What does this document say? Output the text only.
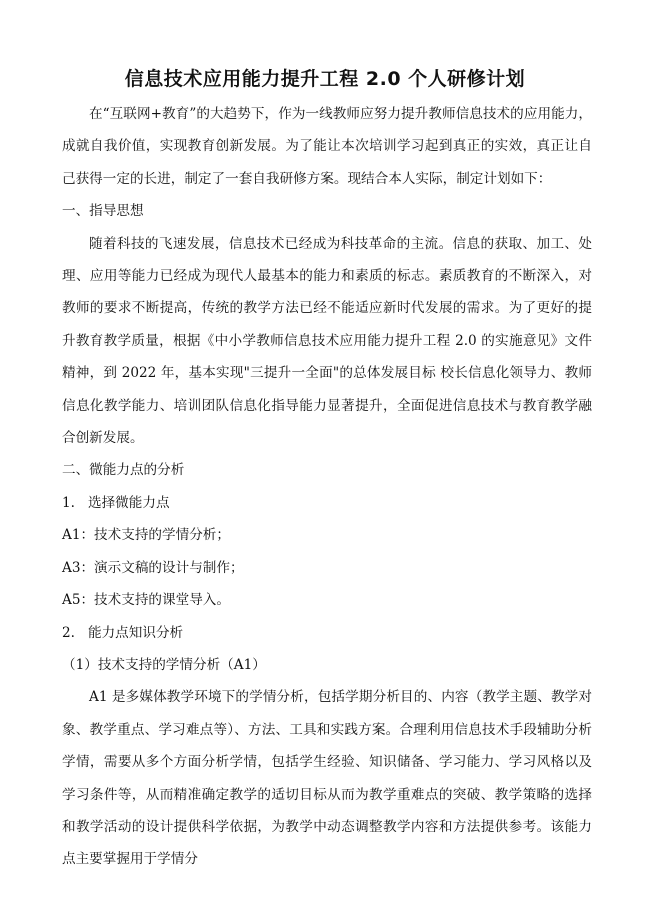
信息技术应用能力提升工程 2.0 个人研修计划

在“互联网+教育”的大趋势下，作为一线教师应努力提升教师信息技术的应用能力，成就自我价值，实现教育创新发展。为了能让本次培训学习起到真正的实效，真正让自己获得一定的长进，制定了一套自我研修方案。现结合本人实际，制定计划如下：

一、指导思想

随着科技的飞速发展，信息技术已经成为科技革命的主流。信息的获取、加工、处理、应用等能力已经成为现代人最基本的能力和素质的标志。素质教育的不断深入，对教师的要求不断提高，传统的教学方法已经不能适应新时代发展的需求。为了更好的提升教育教学质量，根据《中小学教师信息技术应用能力提升工程 2.0 的实施意见》文件精神，到 2022 年，基本实现"三提升一全面"的总体发展目标 校长信息化领导力、教师信息化教学能力、培训团队信息化指导能力显著提升，全面促进信息技术与教育教学融合创新发展。

二、微能力点的分析

1. 选择微能力点

A1：技术支持的学情分析；

A3：演示文稿的设计与制作；

A5：技术支持的课堂导入。

2. 能力点知识分析

（1）技术支持的学情分析（A1）

A1 是多媒体教学环境下的学情分析，包括学期分析目的、内容（教学主题、教学对象、教学重点、学习难点等）、方法、工具和实践方案。合理利用信息技术手段辅助分析学情，需要从多个方面分析学情，包括学生经验、知识储备、学习能力、学习风格以及学习条件等，从而精准确定教学的适切目标从而为教学重难点的突破、教学策略的选择和教学活动的设计提供科学依据，为教学中动态调整教学内容和方法提供参考。该能力点主要掌握用于学情分
